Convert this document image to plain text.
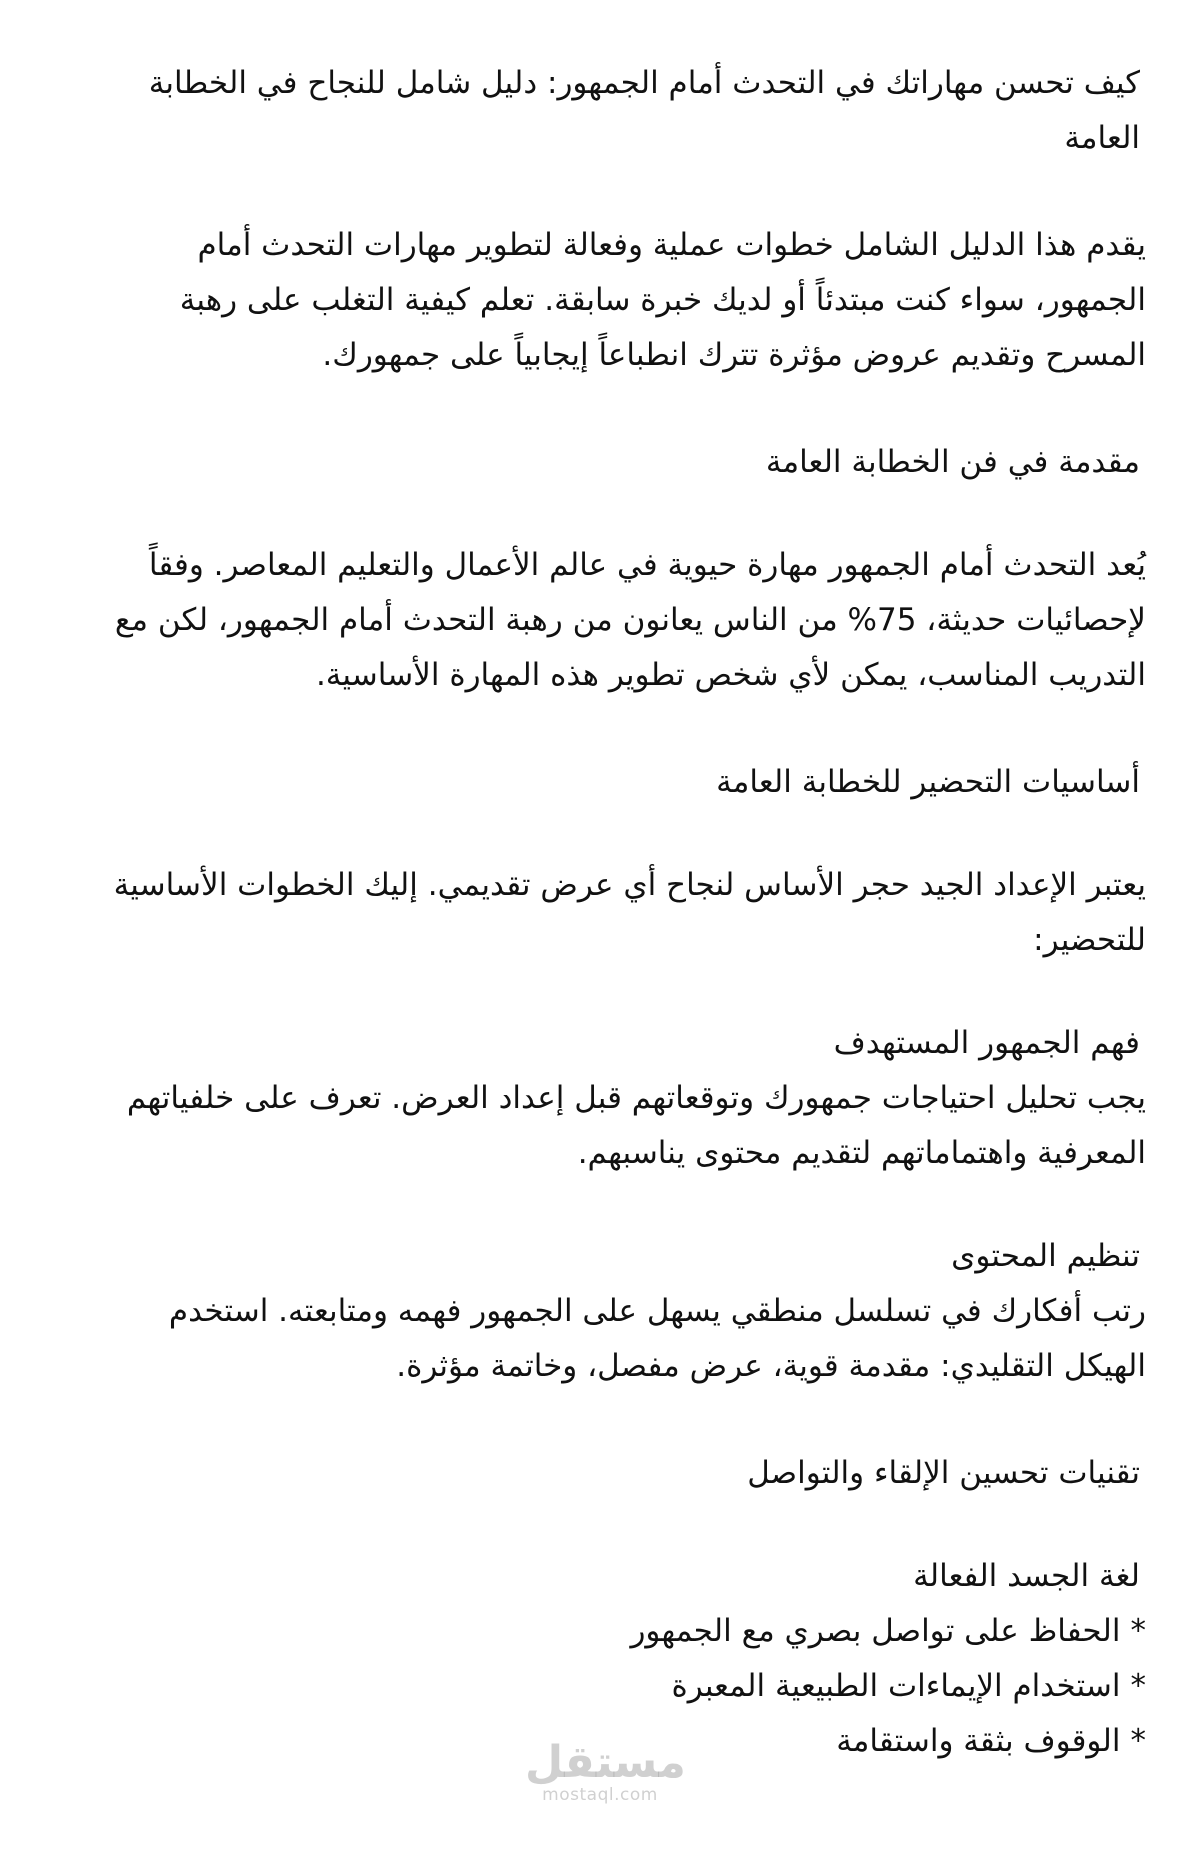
كيف تحسن مهاراتك في التحدث أمام الجمهور: دليل شامل للنجاح في الخطابة العامة

يقدم هذا الدليل الشامل خطوات عملية وفعالة لتطوير مهارات التحدث أمام الجمهور، سواء كنت مبتدئاً أو لديك خبرة سابقة. تعلم كيفية التغلب على رهبة المسرح وتقديم عروض مؤثرة تترك انطباعاً إيجابياً على جمهورك.

مقدمة في فن الخطابة العامة

يُعد التحدث أمام الجمهور مهارة حيوية في عالم الأعمال والتعليم المعاصر. وفقاً لإحصائيات حديثة، 75% من الناس يعانون من رهبة التحدث أمام الجمهور، لكن مع التدريب المناسب، يمكن لأي شخص تطوير هذه المهارة الأساسية.

أساسيات التحضير للخطابة العامة

يعتبر الإعداد الجيد حجر الأساس لنجاح أي عرض تقديمي. إليك الخطوات الأساسية للتحضير:

فهم الجمهور المستهدف

يجب تحليل احتياجات جمهورك وتوقعاتهم قبل إعداد العرض. تعرف على خلفياتهم المعرفية واهتماماتهم لتقديم محتوى يناسبهم.

تنظيم المحتوى

رتب أفكارك في تسلسل منطقي يسهل على الجمهور فهمه ومتابعته. استخدم الهيكل التقليدي: مقدمة قوية، عرض مفصل، وخاتمة مؤثرة.

تقنيات تحسين الإلقاء والتواصل

لغة الجسد الفعالة

*الحفاظ على تواصل بصري مع الجمهور
*استخدام الإيماءات الطبيعية المعبرة
*الوقوف بثقة واستقامة
مستقل
mostaql.com
